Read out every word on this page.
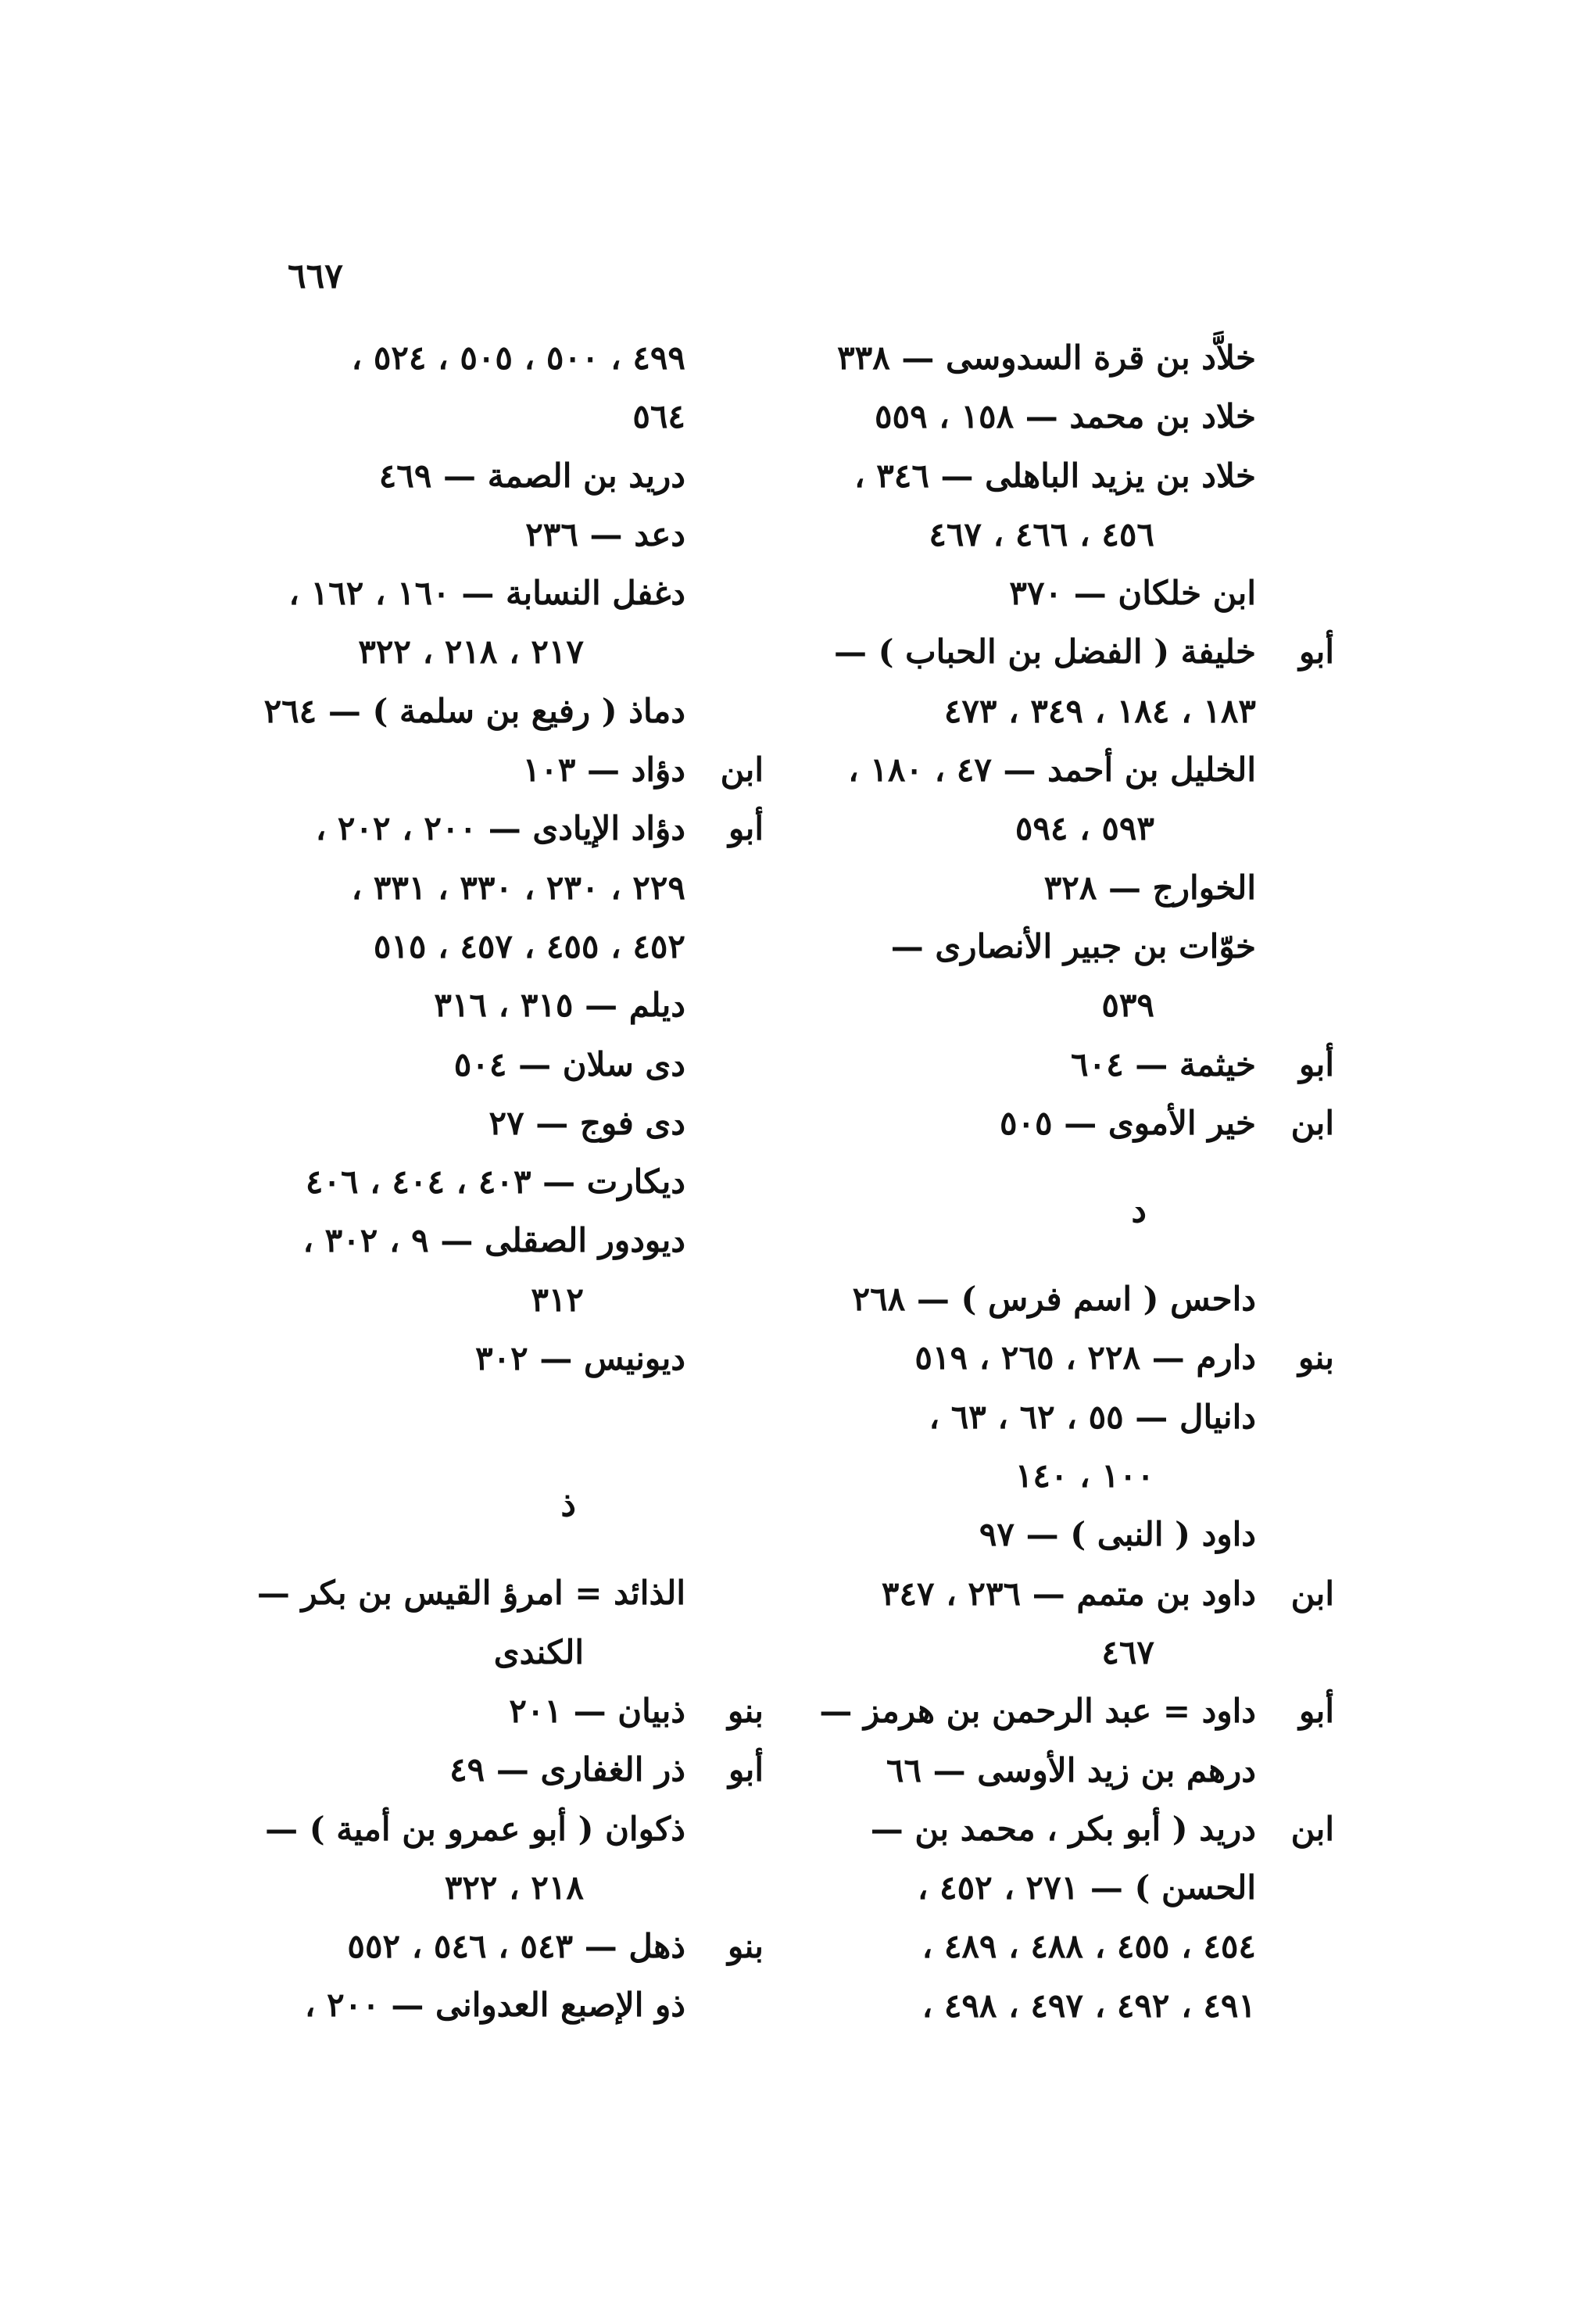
٦٦٧
خلاَّد بن قرة السدوسى
—
٣٣٨
خلاد بن محمد
—
١٥٨ ، ٥٥٩
خلاد بن يزيد الباهلى
—
٣٤٦ ،
٤٥٦ ، ٤٦٦ ، ٤٦٧
ابن خلكان
—
٣٧٠
أبو
خليفة ( الفضل بن الحباب )
—
١٨٣ ، ١٨٤ ، ٣٤٩ ، ٤٧٣
الخليل بن أحمد
—
٤٧ ، ١٨٠ ،
٥٩٣ ، ٥٩٤
الخوارج
—
٣٢٨
خوّات بن جبير الأنصارى
—
٥٣٩
أبو
خيثمة
—
٦٠٤
ابن
خير الأموى
—
٥٠٥
د
داحس ( اسم فرس )
—
٢٦٨
بنو
دارم
—
٢٢٨ ، ٢٦٥ ، ٥١٩
دانيال
—
٥٥ ، ٦٢ ، ٦٣ ،
١٠٠ ، ١٤٠
داود ( النبى )
—
٩٧
ابن
داود بن متمم
—
٢٣٦ ، ٣٤٧
٤٦٧
أبو
داود = عبد الرحمن بن هرمز
—
درهم بن زيد الأوسى
—
٦٦
ابن
دريد ( أبو بكر ، محمد بن
—
الحسن ) — ٢٧١ ، ٤٥٢ ،
٤٥٤ ، ٤٥٥ ، ٤٨٨ ، ٤٨٩ ،
٤٩١ ، ٤٩٢ ، ٤٩٧ ، ٤٩٨ ،
٤٩٩ ، ٥٠٠ ، ٥٠٥ ، ٥٢٤ ،
٥٦٤
دريد بن الصمة
—
٤٦٩
دعد
—
٢٣٦
دغفل النسابة
—
١٦٠ ، ١٦٢ ،
٢١٧ ، ٢١٨ ، ٣٢٢
دماذ ( رفيع بن سلمة )
—
٢٦٤
ابن
دؤاد
—
١٠٣
أبو
دؤاد الإيادى
—
٢٠٠ ، ٢٠٢ ،
٢٢٩ ، ٢٣٠ ، ٣٣٠ ، ٣٣١ ،
٤٥٢ ، ٤٥٥ ، ٤٥٧ ، ٥١٥
ديلم
—
٣١٥ ، ٣١٦
دى سلان
—
٥٠٤
دى فوج
—
٢٧
ديكارت
—
٤٠٣ ، ٤٠٤ ، ٤٠٦
ديودور الصقلى
—
٩ ، ٣٠٢ ،
٣١٢
ديونيس
—
٣٠٢
ذ
الذائد = امرؤ القيس بن بكر
—
الكندى
بنو
ذبيان
—
٢٠١
أبو
ذر الغفارى
—
٤٩
ذكوان ( أبو عمرو بن أمية )
—
٢١٨ ، ٣٢٢
بنو
ذهل
—
٥٤٣ ، ٥٤٦ ، ٥٥٢
ذو الإصبع العدوانى
—
٢٠٠ ،
